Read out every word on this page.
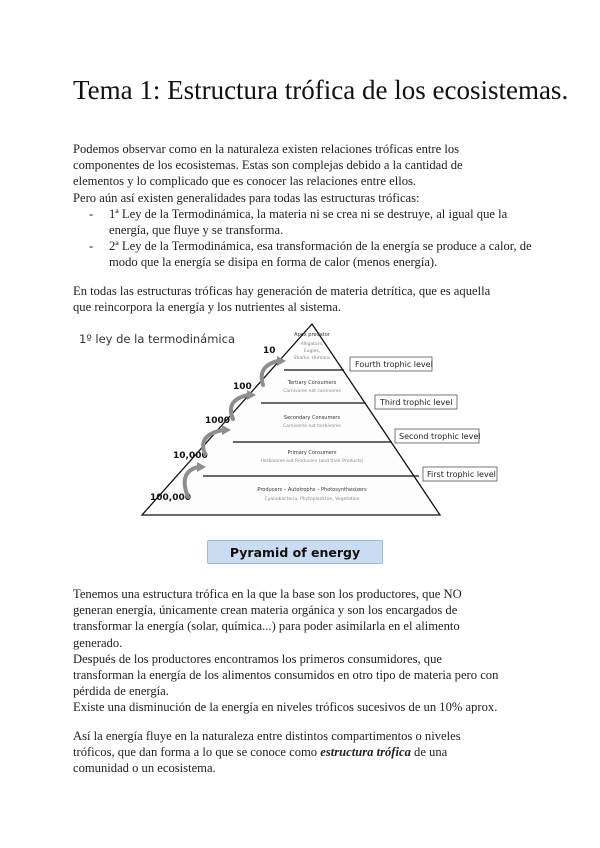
Tema 1: Estructura trófica de los ecosistemas.
Podemos observar como en la naturaleza existen relaciones tróficas entre los
componentes de los ecosistemas. Estas son complejas debido a la cantidad de
elementos y lo complicado que es conocer las relaciones entre ellos.
Pero aún así existen generalidades para todas las estructuras tróficas:
- 1ª Ley de la Termodinámica, la materia ni se crea ni se destruye, al igual que la energía, que fluye y se transforma.
- 2ª Ley de la Termodinámica, esa transformación de la energía se produce a calor, de modo que la energía se disipa en forma de calor (menos energía).
En todas las estructuras tróficas hay generación de materia detrítica, que es aquella
que reincorpora la energía y los nutrientes al sistema.
1º ley de la termodinámica	Apex predator
Alligators,
Eagles,
Sharks, Humans
Tertiary Consumers
Carnivores eat carnivores
Secondary Consumers
Carnivores eat herbivores
Primary Consumers
Herbivores eat Producers (and their Products)
Producers – Autotrophs – Photosynthesizers
Cyanobacteria, Phytoplankton, Vegetation
10
100
1000
10,000
100,000
Fourth trophic level
Third trophic level
Second trophic level
First trophic level
Pyramid of energy
Tenemos una estructura trófica en la que la base son los productores, que NO
generan energía, únicamente crean materia orgánica y son los encargados de
transformar la energía (solar, química...) para poder asimilarla en el alimento
generado.
Después de los productores encontramos los primeros consumidores, que
transforman la energía de los alimentos consumidos en otro tipo de materia pero con
pérdida de energía.
Existe una disminución de la energía en niveles tróficos sucesivos de un 10% aprox.
Así la energía fluye en la naturaleza entre distintos compartimentos o niveles
tróficos, que dan forma a lo que se conoce como estructura trófica de una
comunidad o un ecosistema.
